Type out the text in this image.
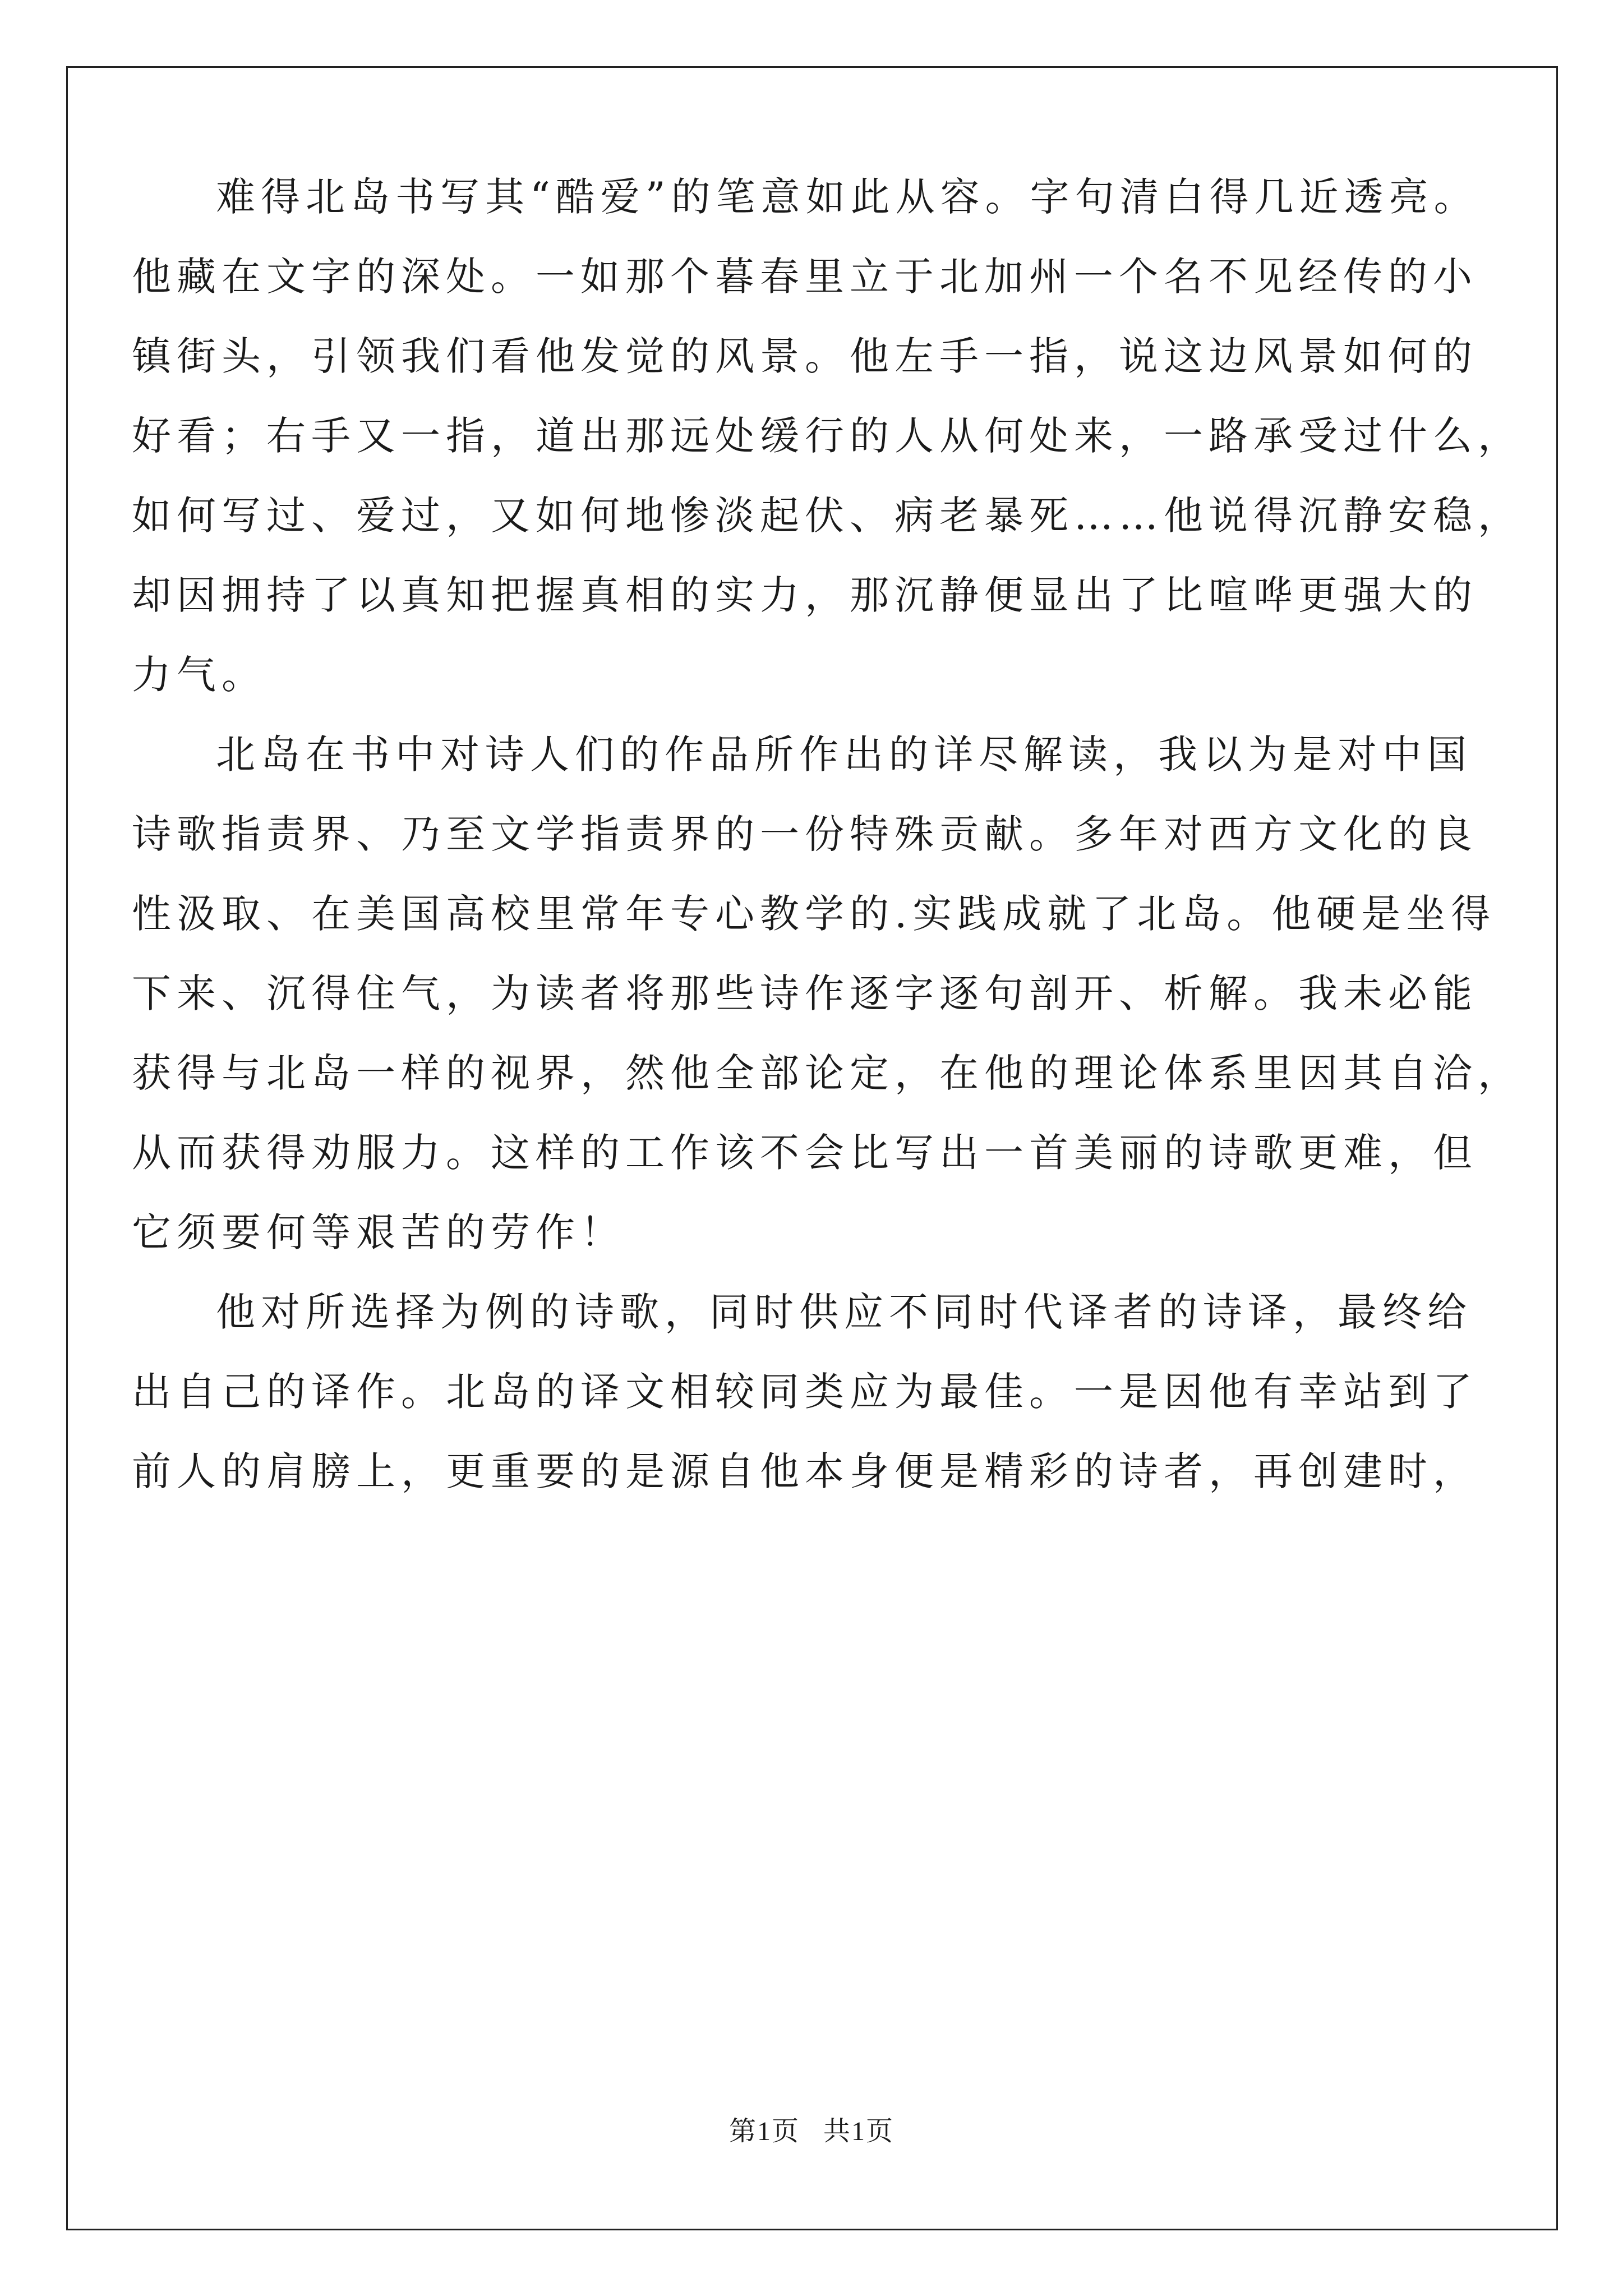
难得北岛书写其“酷爱”的笔意如此从容。字句清白得几近透亮。
他藏在文字的深处。一如那个暮春里立于北加州一个名不见经传的小
镇街头，引领我们看他发觉的风景。他左手一指，说这边风景如何的
好看；右手又一指，道出那远处缓行的人从何处来，一路承受过什么，
如何写过、爱过，又如何地惨淡起伏、病老暴死……他说得沉静安稳，
却因拥持了以真知把握真相的实力，那沉静便显出了比喧哗更强大的
力气。
北岛在书中对诗人们的作品所作出的详尽解读，我以为是对中国
诗歌指责界、乃至文学指责界的一份特殊贡献。多年对西方文化的良
性汲取、在美国高校里常年专心教学的.实践成就了北岛。他硬是坐得
下来、沉得住气，为读者将那些诗作逐字逐句剖开、析解。我未必能
获得与北岛一样的视界，然他全部论定，在他的理论体系里因其自洽，
从而获得劝服力。这样的工作该不会比写出一首美丽的诗歌更难，但
它须要何等艰苦的劳作！
他对所选择为例的诗歌，同时供应不同时代译者的诗译，最终给
出自己的译作。北岛的译文相较同类应为最佳。一是因他有幸站到了
前人的肩膀上，更重要的是源自他本身便是精彩的诗者，再创建时，
第1页 共1页
